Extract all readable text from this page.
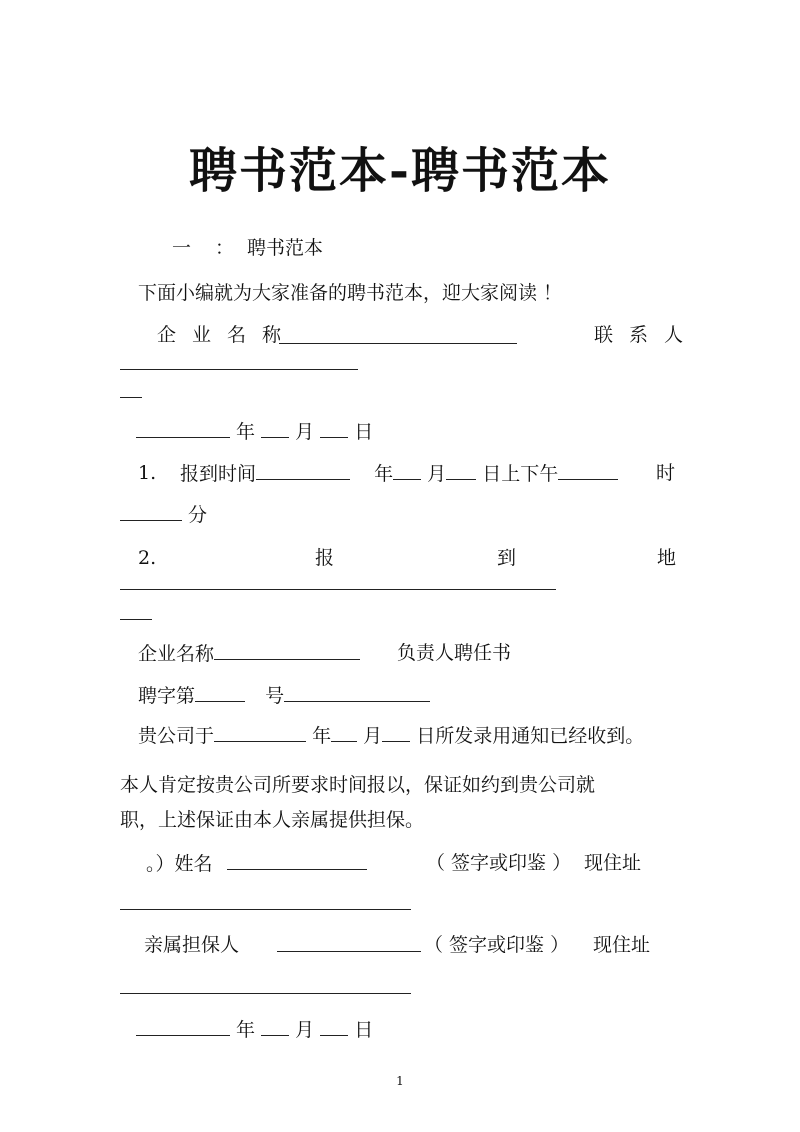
聘书范本-聘书范本
一 ： 聘书范本
下面小编就为大家准备的聘书范本，迎大家阅读 ！
企业名称	联系人
年 月 日
1. 报到时间	年 月 日上下午	时
分
2.	报	到	地
企业名称	负责人聘任书
聘字第	号
贵公司于	年 月 日所发录用通知已经收到。
本人肯定按贵公司所要求时间报以，保证如约到贵公司就
职，上述保证由本人亲属提供担保。
。）姓名	（ 签字或印鉴 ） 现住址
亲属担保人	（ 签字或印鉴 ） 现住址
年 月 日
1
